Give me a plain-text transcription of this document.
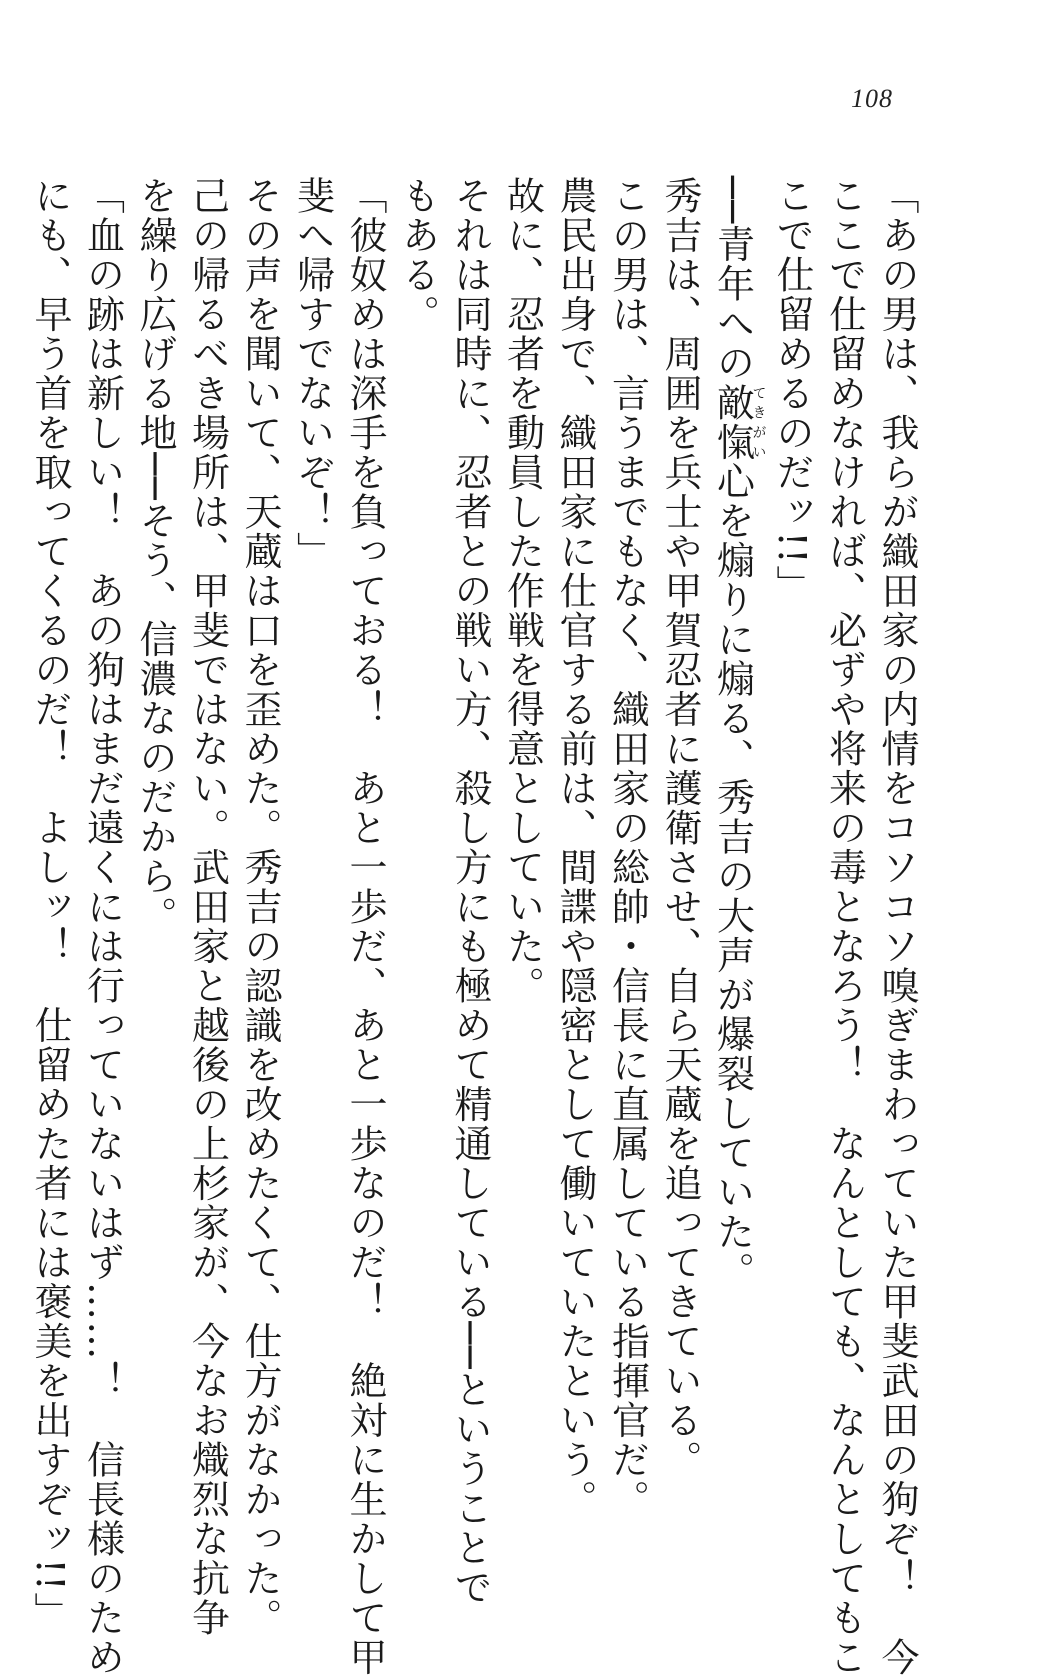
108
「あの男は、我らが織田家の内情をコソコソ嗅ぎまわっていた甲斐武田の狗ぞ！　今
ここで仕留めなければ、必ずや将来の毒となろう！　なんとしても、なんとしてもこ
こで仕留めるのだッ!!」
──青年への敵愾てきがい心を煽りに煽る、秀吉の大声が爆裂していた。
秀吉は、周囲を兵士や甲賀忍者に護衛させ、自ら天蔵を追ってきている。
この男は、言うまでもなく、織田家の総帥・信長に直属している指揮官だ。
農民出身で、織田家に仕官する前は、間諜や隠密として働いていたという。
故に、忍者を動員した作戦を得意としていた。
それは同時に、忍者との戦い方、殺し方にも極めて精通している──ということで
もある。
「彼奴めは深手を負っておる！　あと一歩だ、あと一歩なのだ！　絶対に生かして甲
斐へ帰すでないぞ！」
その声を聞いて、天蔵は口を歪めた。秀吉の認識を改めたくて、仕方がなかった。
己の帰るべき場所は、甲斐ではない。武田家と越後の上杉家が、今なお熾烈な抗争
を繰り広げる地──そう、信濃なのだから。
「血の跡は新しい！　あの狗はまだ遠くには行っていないはず……！　信長様のため
にも、早う首を取ってくるのだ！　よしッ！　仕留めた者には褒美を出すぞッ!!」
